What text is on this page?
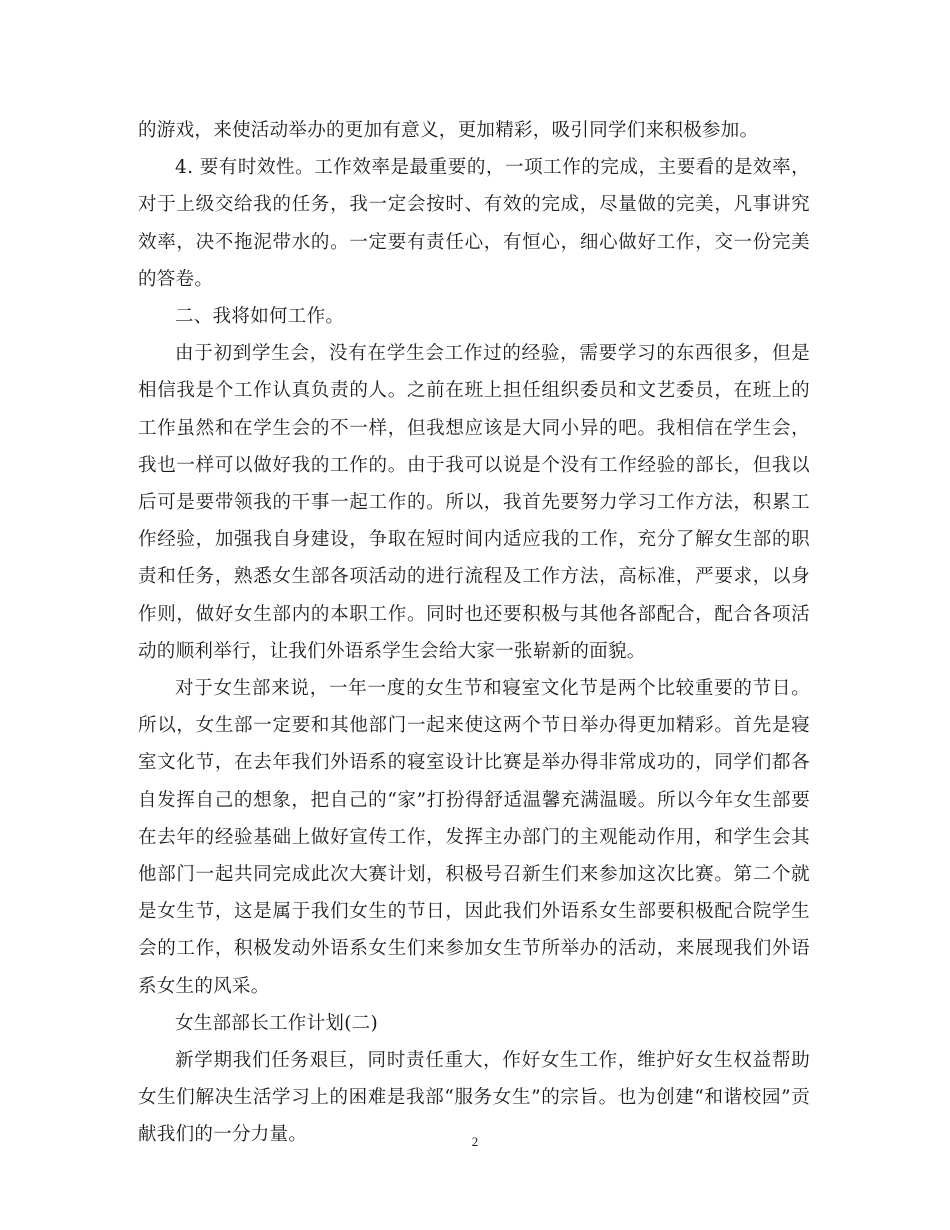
的游戏，来使活动举办的更加有意义，更加精彩，吸引同学们来积极参加。

4. 要有时效性。工作效率是最重要的，一项工作的完成，主要看的是效率，对于上级交给我的任务，我一定会按时、有效的完成，尽量做的完美，凡事讲究效率，决不拖泥带水的。一定要有责任心，有恒心，细心做好工作，交一份完美的答卷。

二、我将如何工作。

由于初到学生会，没有在学生会工作过的经验，需要学习的东西很多，但是相信我是个工作认真负责的人。之前在班上担任组织委员和文艺委员，在班上的工作虽然和在学生会的不一样，但我想应该是大同小异的吧。我相信在学生会，我也一样可以做好我的工作的。由于我可以说是个没有工作经验的部长，但我以后可是要带领我的干事一起工作的。所以，我首先要努力学习工作方法，积累工作经验，加强我自身建设，争取在短时间内适应我的工作，充分了解女生部的职责和任务，熟悉女生部各项活动的进行流程及工作方法，高标准，严要求，以身作则，做好女生部内的本职工作。同时也还要积极与其他各部配合，配合各项活动的顺利举行，让我们外语系学生会给大家一张崭新的面貌。

对于女生部来说，一年一度的女生节和寝室文化节是两个比较重要的节日。所以，女生部一定要和其他部门一起来使这两个节日举办得更加精彩。首先是寝室文化节，在去年我们外语系的寝室设计比赛是举办得非常成功的，同学们都各自发挥自己的想象，把自己的“家”打扮得舒适温馨充满温暖。所以今年女生部要在去年的经验基础上做好宣传工作，发挥主办部门的主观能动作用，和学生会其他部门一起共同完成此次大赛计划，积极号召新生们来参加这次比赛。第二个就是女生节，这是属于我们女生的节日，因此我们外语系女生部要积极配合院学生会的工作，积极发动外语系女生们来参加女生节所举办的活动，来展现我们外语系女生的风采。

女生部部长工作计划(二)

新学期我们任务艰巨，同时责任重大，作好女生工作，维护好女生权益帮助女生们解决生活学习上的困难是我部“服务女生”的宗旨。也为创建“和谐校园”贡献我们的一分力量。	2
